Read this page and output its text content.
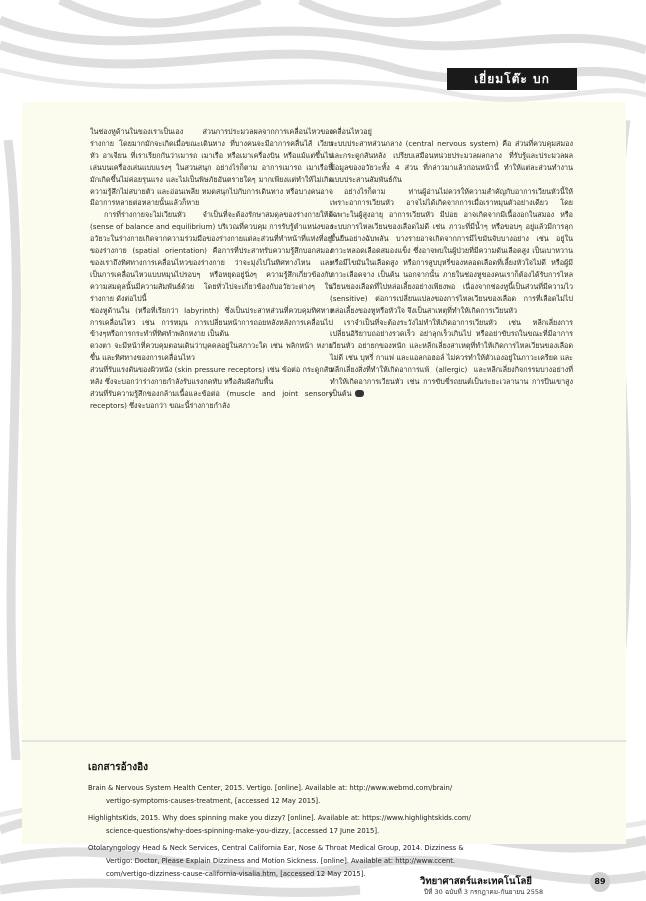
เยี่ยมโต๊ะ บก

ในช่องหูด้านในของเราเป็นเอง ส่วนการประมวลผลจากการเคลื่อนไหวของร่างกาย โดยมากมักจะเกิดเมื่อขณะเดินทาง ที่บางคนจะมีอาการคลื่นไส้ เวียนหัว อาเจียน ที่เราเรียกกันว่าเมารถ เมาเรือ หรือเมาเครื่องบิน หรือแม้แต่ขึ้นไปเล่นบนเครื่องเล่นแบบแรงๆ ในสวนสนุก อย่างไรก็ตาม อาการเมารถ เมาเรือนี้ มักเกิดขึ้นไม่ค่อยรุนแรง และไม่เป็นพิษภัยอันตรายใดๆ มากเพียงแต่ทำให้ไม่เกิดความรู้สึกไม่สบายตัว และอ่อนเพลีย หมดสนุกไปกับการเดินทาง หรือบางคนอาจมีอาการหลายต่อหลายนั้นแล้วก็หาย

การที่ร่างกายจะไม่เวียนหัว จำเป็นที่จะต้องรักษาสมดุลของร่างกายให้ดี (sense of balance and equilibrium) บริเวณที่ควบคุม การรับรู้ตำแหน่งของอวัยวะในร่างกายเกิดจากความร่วมมือของร่างกายแต่ละส่วนที่ทำหน้าที่แห่งที่อยู่ของร่างกาย (spatial orientation) คือการที่ประสาทรับความรู้สึกบอกสมองของเราถึงทิศทางการเคลื่อนไหวของร่างกาย ว่าจะมุ่งไปในทิศทางไหน และเป็นการเคลื่อนไหวแบบหมุนไปรอบๆ หรือหยุดอยู่นิ่งๆ ความรู้สึกเกี่ยวข้องกับความสมดุลนั้นมีความสัมพันธ์ด้วย โดยทั่วไปจะเกี่ยวข้องกับอวัยวะต่างๆ ในร่างกาย ดังต่อไปนี้

ช่องหูด้านใน (หรือที่เรียกว่า labyrinth) ซึ่งเป็นประสาทส่วนที่ควบคุมทิศทางการเคลื่อนไหว เช่น การหมุน การเปลี่ยนหน้าการถอยหลังหลังการเคลื่อนไปข้างๆหรือการกระทำที่ทิศทำพลิกหงาย เป็นต้น

ดวงตา จะมีหน้าที่ควบคุมตอนเดินว่าบุคคลอยู่ในสภาวะใด เช่น พลิกหน้า หงายขึ้น และทิศทางของการเคลื่อนไหว

ส่วนที่รับแรงดันของผิวหนัง (skin pressure receptors) เช่น ข้อต่อ กระดูกสันหลัง ซึ่งจะบอกว่าร่างกายกำลังรับแรงกดทับ หรือสัมผัสกับพื้น

ส่วนที่รับความรู้สึกของกล้ามเนื้อและข้อต่อ (muscle and joint sensory receptors) ซึ่งจะบอกว่า ขณะนี้ร่างกายกำลัง

เคลื่อนไหวอยู่

ระบบประสาทส่วนกลาง (central nervous system) คือ ส่วนที่ควบคุมสมองและกระดูกสันหลัง เปรียบเสมือนหน่วยประมวลผลกลาง ที่รับรู้และประมวลผลข้อมูลของอวัยวะทั้ง 4 ส่วน ที่กล่าวมาแล้วก่อนหน้านี้ ทำให้แต่ละส่วนทำงานแบบประสานสัมพันธ์กัน

อย่างไรก็ตาม ท่านผู้อ่านไม่ควรให้ความสำคัญกับอาการเวียนหัวนี้ให้ เพราะอาการเวียนหัว อาจไม่ได้เกิดจากการเมื่อเราหมุนตัวอย่างเดียว โดยเฉพาะในผู้สูงอายุ อาการเวียนหัว มีบ่อย อาจเกิดจากมีเนื้องอกในสมอง หรือระบบการไหลเวียนของเลือดไม่ดี เช่น ภาวะที่มีน้ำๆ หรือขอบๆ อยู่แล้วมีการลุกขึ้นยืนอย่างฉับพลัน บางรายอาจเกิดจากการมีไขมันจับบางอย่าง เช่น อยู่ในภาวะหลอดเลือดสมองแข็ง ซึ่งอาจพบในผู้ป่วยที่มีความดันเลือดสูง เป็นเบาหวาน หรือมีไขมันในเลือดสูง หรือการสูบบุหรี่ของหลอดเลือดที่เลี้ยงหัวใจไม่ดี หรือผู้มีภาวะเลือดจาง เป็นต้น นอกจากนั้น ภายในช่องหูของคนเราก็ต้องได้รับการไหลเวียนของเลือดที่ไปหล่อเลี้ยงอย่างเพียงพอ เนื่องจากช่องหูนี้เป็นส่วนที่มีความไว (sensitive) ต่อการเปลี่ยนแปลงของการไหลเวียนของเลือด การที่เลือดไม่ไปหล่อเลี้ยงของหูหรือหัวใจ จึงเป็นสาเหตุที่ทำให้เกิดการเวียนหัว

เราจำเป็นที่จะต้องระวังไม่ทำให้เกิดอาการเวียนหัว เช่น หลีกเลี่ยงการเปลี่ยนอิริยาบถอย่างรวดเร็ว อย่าลุกเร็วเกินไป หรืออย่าขับรถในขณะที่มีอาการเวียนหัว อย่ายกของหนัก และหลีกเลี่ยงสาเหตุที่ทำให้เกิดการไหลเวียนของเลือดไม่ดี เช่น บุหรี่ กาแฟ และแอลกอฮอล์ ไม่ควรทำให้ตัวเองอยู่ในภาวะเครียด และหลีกเลี่ยงสิ่งที่ทำให้เกิดอาการแพ้ (allergic) และหลีกเลี่ยงกิจกรรมบางอย่างที่ทำให้เกิดอาการเวียนหัว เช่น การขับขี่รถยนต์เป็นระยะเวลานาน การปีนเขาสูงเป็นต้น

เอกสารอ้างอิง
Brain & Nervous System Health Center, 2015. Vertigo. [online]. Available at: http://www.webmd.com/brain/
vertigo-symptoms-causes-treatment, [accessed 12 May 2015].
HighlightsKids, 2015. Why does spinning make you dizzy? [online]. Available at: https://www.highlightskids.com/
science-questions/why-does-spinning-make-you-dizzy, [accessed 17 June 2015].
Otolaryngology Head & Neck Services, Central California Ear, Nose & Throat Medical Group, 2014. Dizziness &
Vertigo: Doctor, Please Explain Dizziness and Motion Sickness. [online]. Available at: http://www.ccent.
com/vertigo-dizziness-cause-california-visalia.htm, [accessed 12 May 2015].
วิทยาศาสตร์และเทคโนโลยี
ปีที่ 30 ฉบับที่ 3 กรกฎาคม-กันยายน 2558
89
